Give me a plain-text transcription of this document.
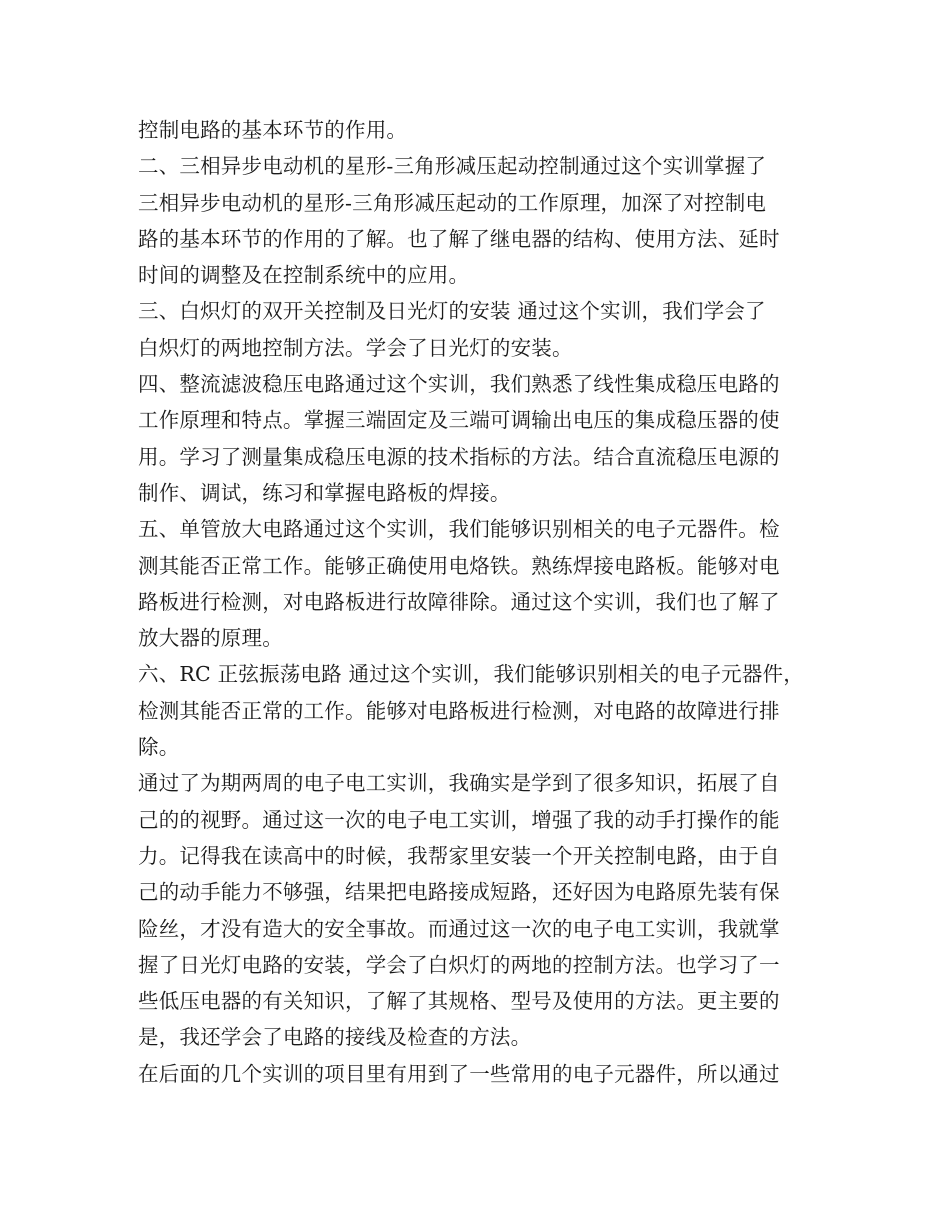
控制电路的基本环节的作用。
二、三相异步电动机的星形-三角形减压起动控制通过这个实训掌握了
三相异步电动机的星形-三角形减压起动的工作原理，加深了对控制电
路的基本环节的作用的了解。也了解了继电器的结构、使用方法、延时
时间的调整及在控制系统中的应用。
三、白炽灯的双开关控制及日光灯的安装 通过这个实训，我们学会了
白炽灯的两地控制方法。学会了日光灯的安装。
四、整流滤波稳压电路通过这个实训，我们熟悉了线性集成稳压电路的
工作原理和特点。掌握三端固定及三端可调输出电压的集成稳压器的使
用。学习了测量集成稳压电源的技术指标的方法。结合直流稳压电源的
制作、调试，练习和掌握电路板的焊接。
五、单管放大电路通过这个实训，我们能够识别相关的电子元器件。检
测其能否正常工作。能够正确使用电烙铁。熟练焊接电路板。能够对电
路板进行检测，对电路板进行故障徘除。通过这个实训，我们也了解了
放大器的原理。
六、RC 正弦振荡电路 通过这个实训，我们能够识别相关的电子元器件，
检测其能否正常的工作。能够对电路板进行检测，对电路的故障进行排
除。
通过了为期两周的电子电工实训，我确实是学到了很多知识，拓展了自
己的的视野。通过这一次的电子电工实训，增强了我的动手打操作的能
力。记得我在读高中的时候，我帮家里安装一个开关控制电路，由于自
己的动手能力不够强，结果把电路接成短路，还好因为电路原先装有保
险丝，才没有造大的安全事故。而通过这一次的电子电工实训，我就掌
握了日光灯电路的安装，学会了白炽灯的两地的控制方法。也学习了一
些低压电器的有关知识，了解了其规格、型号及使用的方法。更主要的
是，我还学会了电路的接线及检查的方法。
在后面的几个实训的项目里有用到了一些常用的电子元器件，所以通过
